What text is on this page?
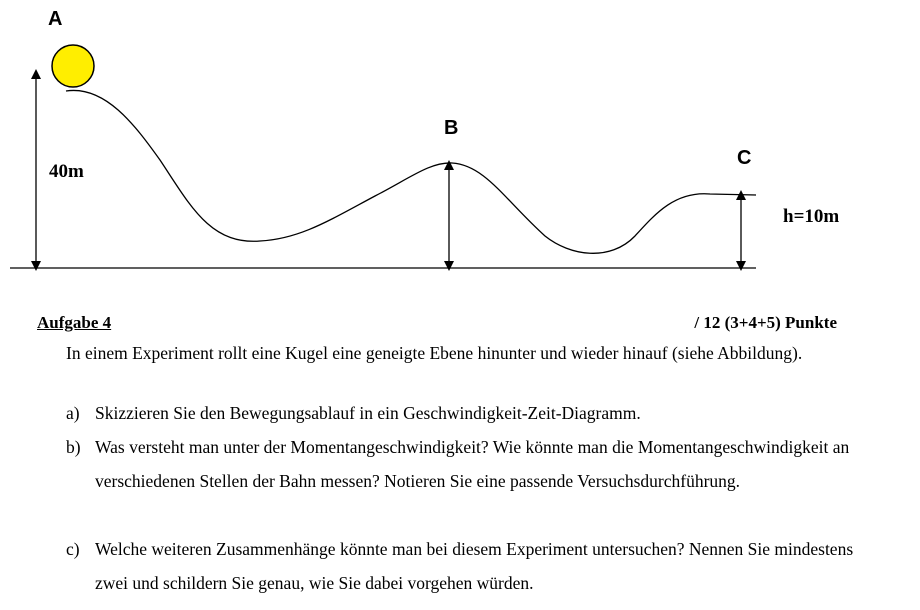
A
B
C
40m
h=10m
Aufgabe 4	/ 12 (3+4+5) Punkte
In einem Experiment rollt eine Kugel eine geneigte Ebene hinunter und wieder hinauf (siehe Abbildung).
a) Skizzieren Sie den Bewegungsablauf in ein Geschwindigkeit-Zeit-Diagramm.
b) Was versteht man unter der Momentangeschwindigkeit? Wie könnte man die Momentangeschwindigkeit an verschiedenen Stellen der Bahn messen? Notieren Sie eine passende Versuchsdurchführung.
c) Welche weiteren Zusammenhänge könnte man bei diesem Experiment untersuchen? Nennen Sie mindestens zwei und schildern Sie genau, wie Sie dabei vorgehen würden.
